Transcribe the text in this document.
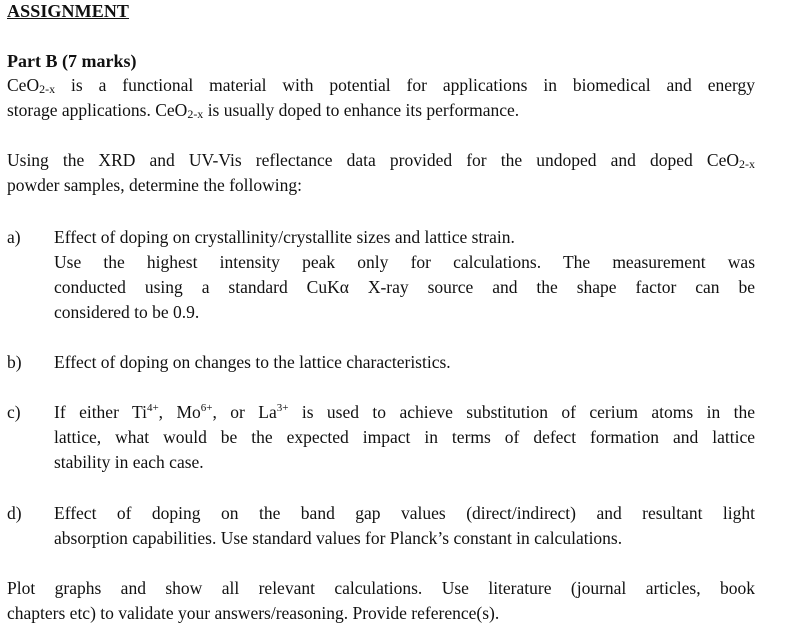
ASSIGNMENT
Part B (7 marks)
CeO2-x is a functional material with potential for applications in biomedical and energy
storage applications. CeO2-x is usually doped to enhance its performance.
Using the XRD and UV-Vis reflectance data provided for the undoped and doped CeO2-x
powder samples, determine the following:
a)	Effect of doping on crystallinity/crystallite sizes and lattice strain.
Use the highest intensity peak only for calculations. The measurement was
conducted using a standard CuKα X-ray source and the shape factor can be
considered to be 0.9.
b)	Effect of doping on changes to the lattice characteristics.
c)	If either $Ti^{4+}$, $Mo^{6+}$, or $La^{3+}$ is used to achieve substitution of cerium atoms in the
lattice, what would be the expected impact in terms of defect formation and lattice
stability in each case.
d)	Effect of doping on the band gap values (direct/indirect) and resultant light
absorption capabilities. Use standard values for Planck’s constant in calculations.
Plot graphs and show all relevant calculations. Use literature (journal articles, book
chapters etc) to validate your answers/reasoning. Provide reference(s).
